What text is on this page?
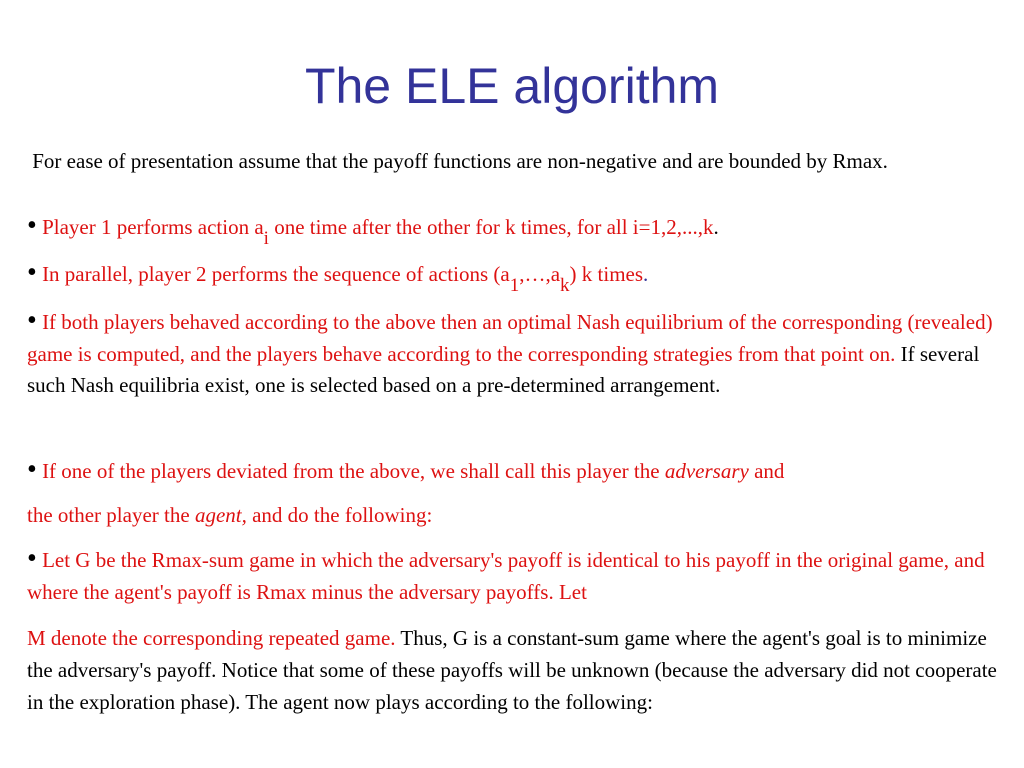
The ELE algorithm
For ease of presentation assume that the payoff functions are non-negative and are bounded by Rmax.
• Player 1 performs action ai one time after the other for k times, for all i=1,2,...,k.
• In parallel, player 2 performs the sequence of actions (a1,…,ak) k times.
• If both players behaved according to the above then an optimal Nash equilibrium of the corresponding (revealed) game is computed, and the players behave according to the corresponding strategies from that point on. If several such Nash equilibria exist, one is selected based on a pre-determined arrangement.
• If one of the players deviated from the above, we shall call this player the adversary and
the other player the agent, and do the following:
• Let G be the Rmax-sum game in which the adversary's payoff is identical to his payoff in the original game, and where the agent's payoff is Rmax minus the adversary payoffs. Let
M denote the corresponding repeated game. Thus, G is a constant-sum game where the agent's goal is to minimize the adversary's payoff. Notice that some of these payoffs will be unknown (because the adversary did not cooperate in the exploration phase). The agent now plays according to the following:
